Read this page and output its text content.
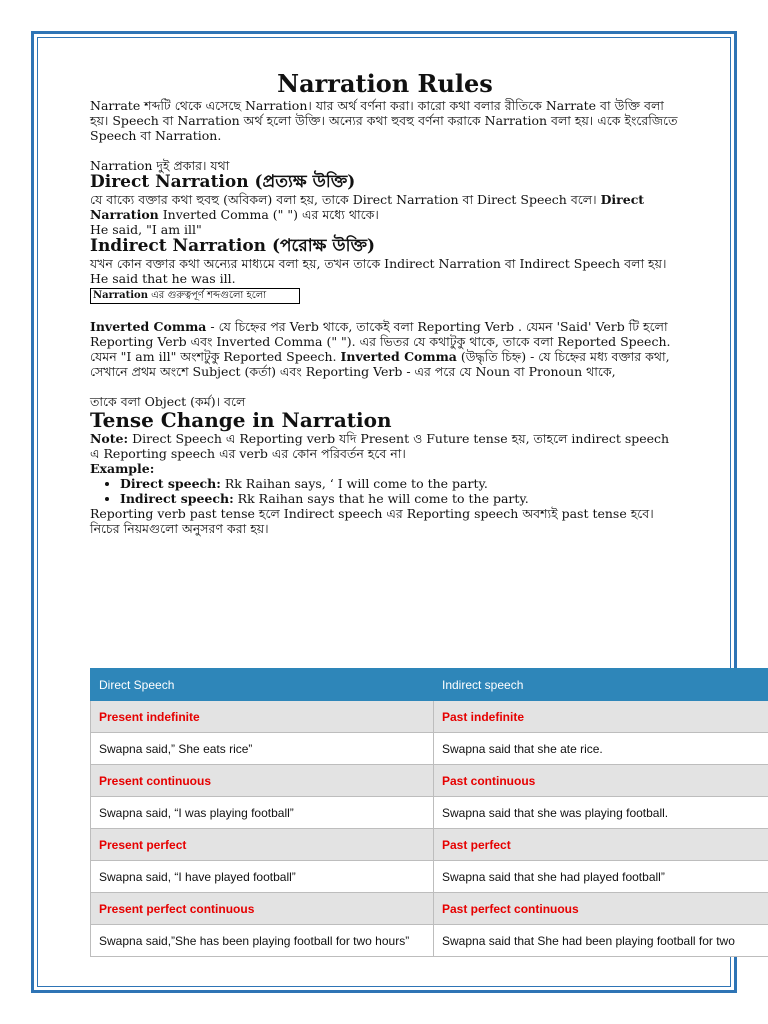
Narration Rules

Narrate শব্দটি থেকে এসেছে Narration। যার অর্থ বর্ণনা করা। কারো কথা বলার রীতিকে Narrate বা উক্তি বলা হয়। Speech বা Narration অর্থ হলো উক্তি। অন্যের কথা হুবহু বর্ণনা করাকে Narration বলা হয়। একে ইংরেজিতে Speech বা Narration.

Narration দুই প্রকার। যথা

Direct Narration (প্রত্যক্ষ উক্তি)

যে বাক্যে বক্তার কথা হুবহু (অবিকল) বলা হয়, তাকে Direct Narration বা Direct Speech বলে। Direct Narration Inverted Comma (" ") এর মধ্যে থাকে।

He said, "I am ill"

Indirect Narration (পরোক্ষ উক্তি)

যখন কোন বক্তার কথা অন্যের মাধ্যমে বলা হয়, তখন তাকে Indirect Narration বা Indirect Speech বলা হয়।

He said that he was ill.

Narration এর গুরুত্বপূর্ণ শব্দগুলো হলো

Inverted Comma - যে চিহ্নের পর Verb থাকে, তাকেই বলা Reporting Verb . যেমন 'Said' Verb টি হলো Reporting Verb এবং Inverted Comma (" "). এর ভিতর যে কথাটুকু থাকে, তাকে বলা Reported Speech. যেমন "I am ill" অংশটুকু Reported Speech. Inverted Comma (উদ্ধৃতি চিহ্ন) - যে চিহ্নের মধ্য বক্তার কথা, সেখানে প্রথম অংশে Subject (কর্তা) এবং Reporting Verb - এর পরে যে Noun বা Pronoun থাকে,

তাকে বলা Object (কর্ম)। বলে

Tense Change in Narration

Note: Direct Speech এ Reporting verb যদি Present ও Future tense হয়, তাহলে indirect speech এ Reporting speech এর verb এর কোন পরিবর্তন হবে না।

Example:

• Direct speech: Rk Raihan says, ‘ I will come to the party.
• Indirect speech: Rk Raihan says that he will come to the party.

Reporting verb past tense হলে Indirect speech এর Reporting speech অবশ্যই past tense হবে।

নিচের নিয়মগুলো অনুসরণ করা হয়।

Direct Speech	Indirect speech
Present indefinite	Past indefinite
Swapna said,” She eats rice”	Swapna said that she ate rice.
Present continuous	Past continuous
Swapna said, “I was playing football”	Swapna said that she was playing football.
Present perfect	Past perfect
Swapna said, “I have played football”	Swapna said that she had played football”
Present perfect continuous	Past perfect continuous
Swapna said,”She has been playing football for two hours”	Swapna said that She had been playing football for two
